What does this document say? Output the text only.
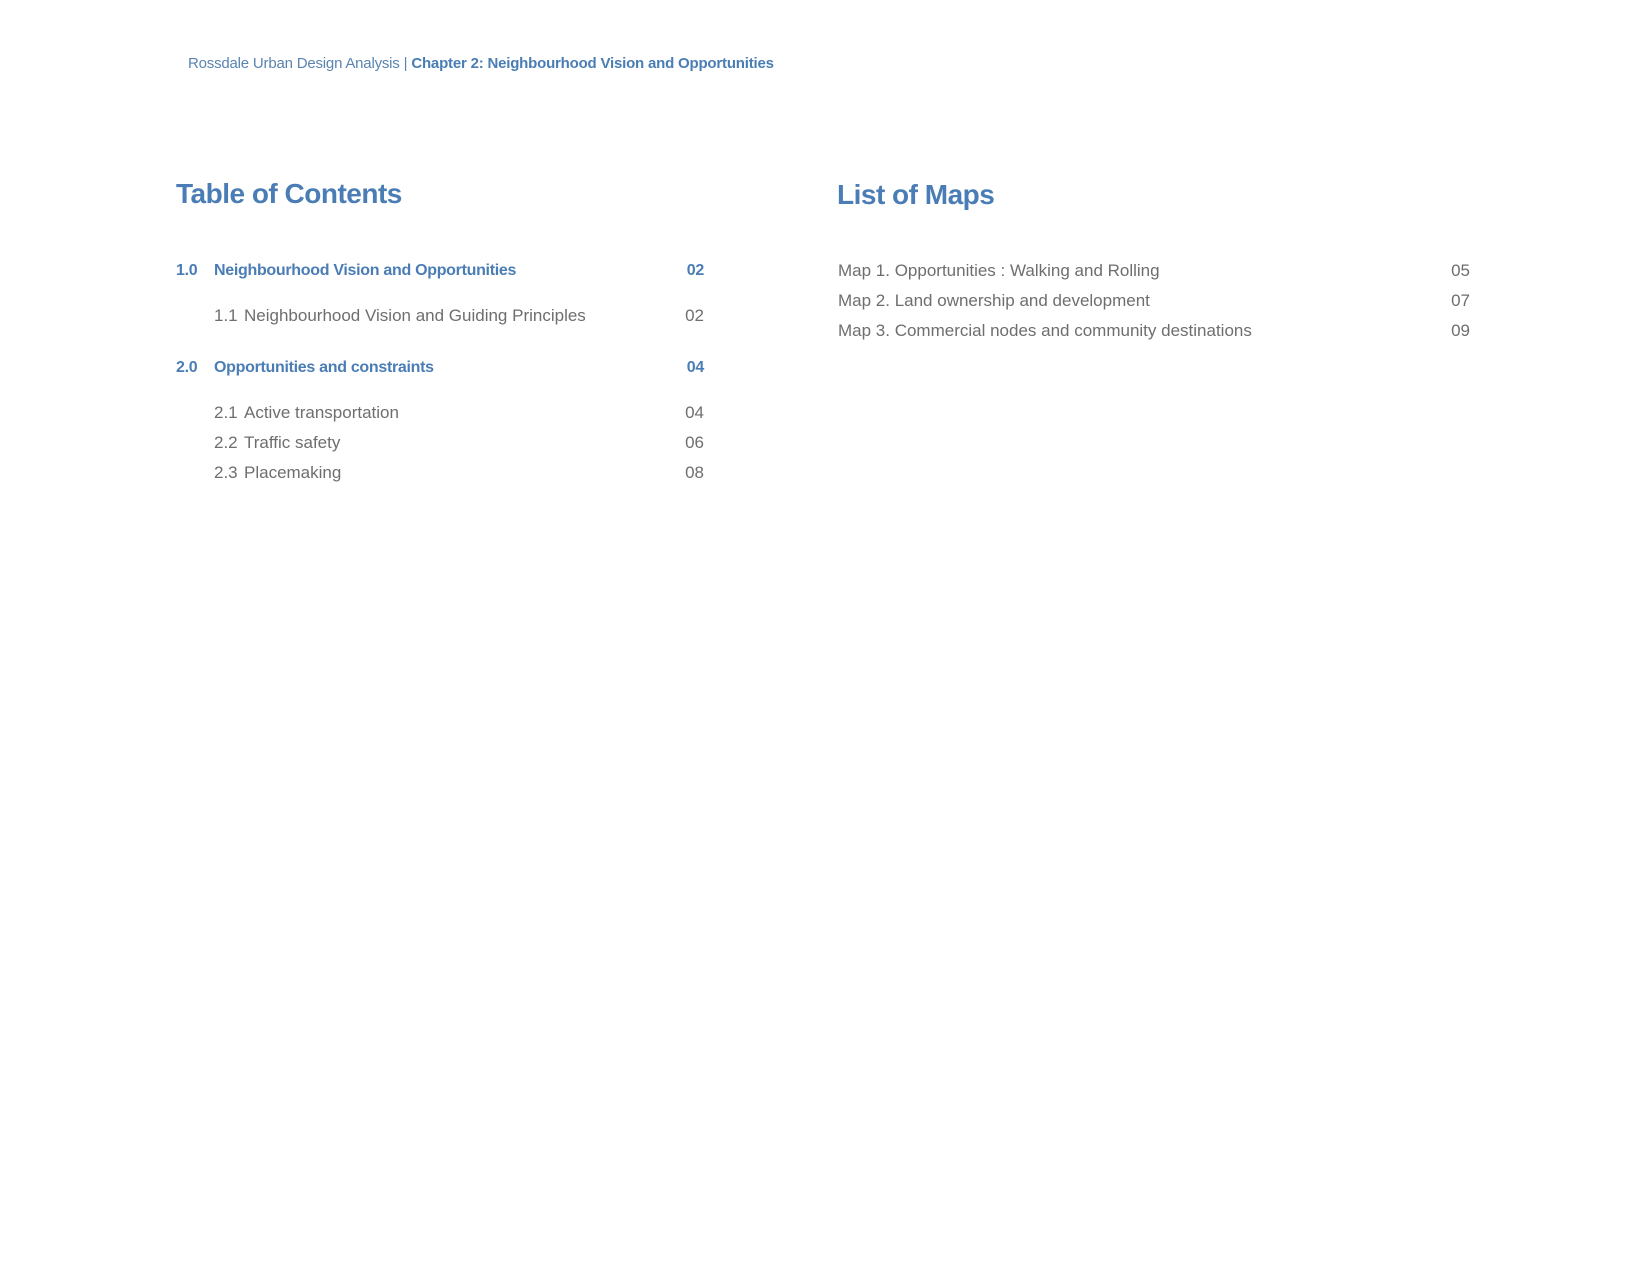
Rossdale Urban Design Analysis | Chapter 2: Neighbourhood Vision and Opportunities
Table of Contents
1.0 Neighbourhood Vision and Opportunities	02
1.1 Neighbourhood Vision and Guiding Principles	02
2.0 Opportunities and constraints	04
2.1 Active transportation	04
2.2 Traffic safety	06
2.3 Placemaking	08
List of Maps
Map 1. Opportunities : Walking and Rolling	05
Map 2. Land ownership and development	07
Map 3. Commercial nodes and community destinations	09
